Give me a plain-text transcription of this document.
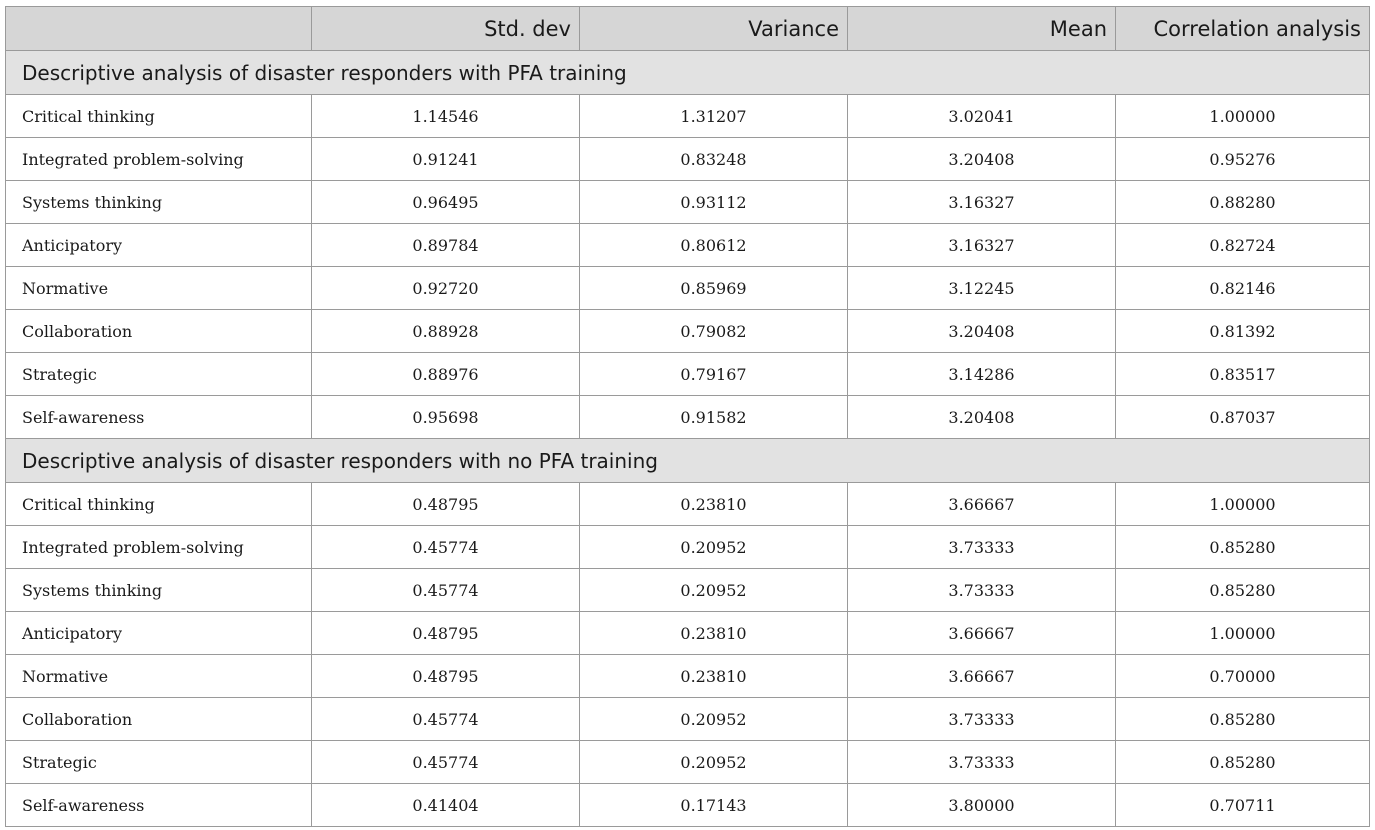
	Std. dev	Variance	Mean	Correlation analysis
Descriptive analysis of disaster responders with PFA training				
Critical thinking	1.14546	1.31207	3.02041	1.00000
Integrated problem-solving	0.91241	0.83248	3.20408	0.95276
Systems thinking	0.96495	0.93112	3.16327	0.88280
Anticipatory	0.89784	0.80612	3.16327	0.82724
Normative	0.92720	0.85969	3.12245	0.82146
Collaboration	0.88928	0.79082	3.20408	0.81392
Strategic	0.88976	0.79167	3.14286	0.83517
Self-awareness	0.95698	0.91582	3.20408	0.87037
Descriptive analysis of disaster responders with no PFA training				
Critical thinking	0.48795	0.23810	3.66667	1.00000
Integrated problem-solving	0.45774	0.20952	3.73333	0.85280
Systems thinking	0.45774	0.20952	3.73333	0.85280
Anticipatory	0.48795	0.23810	3.66667	1.00000
Normative	0.48795	0.23810	3.66667	0.70000
Collaboration	0.45774	0.20952	3.73333	0.85280
Strategic	0.45774	0.20952	3.73333	0.85280
Self-awareness	0.41404	0.17143	3.80000	0.70711
